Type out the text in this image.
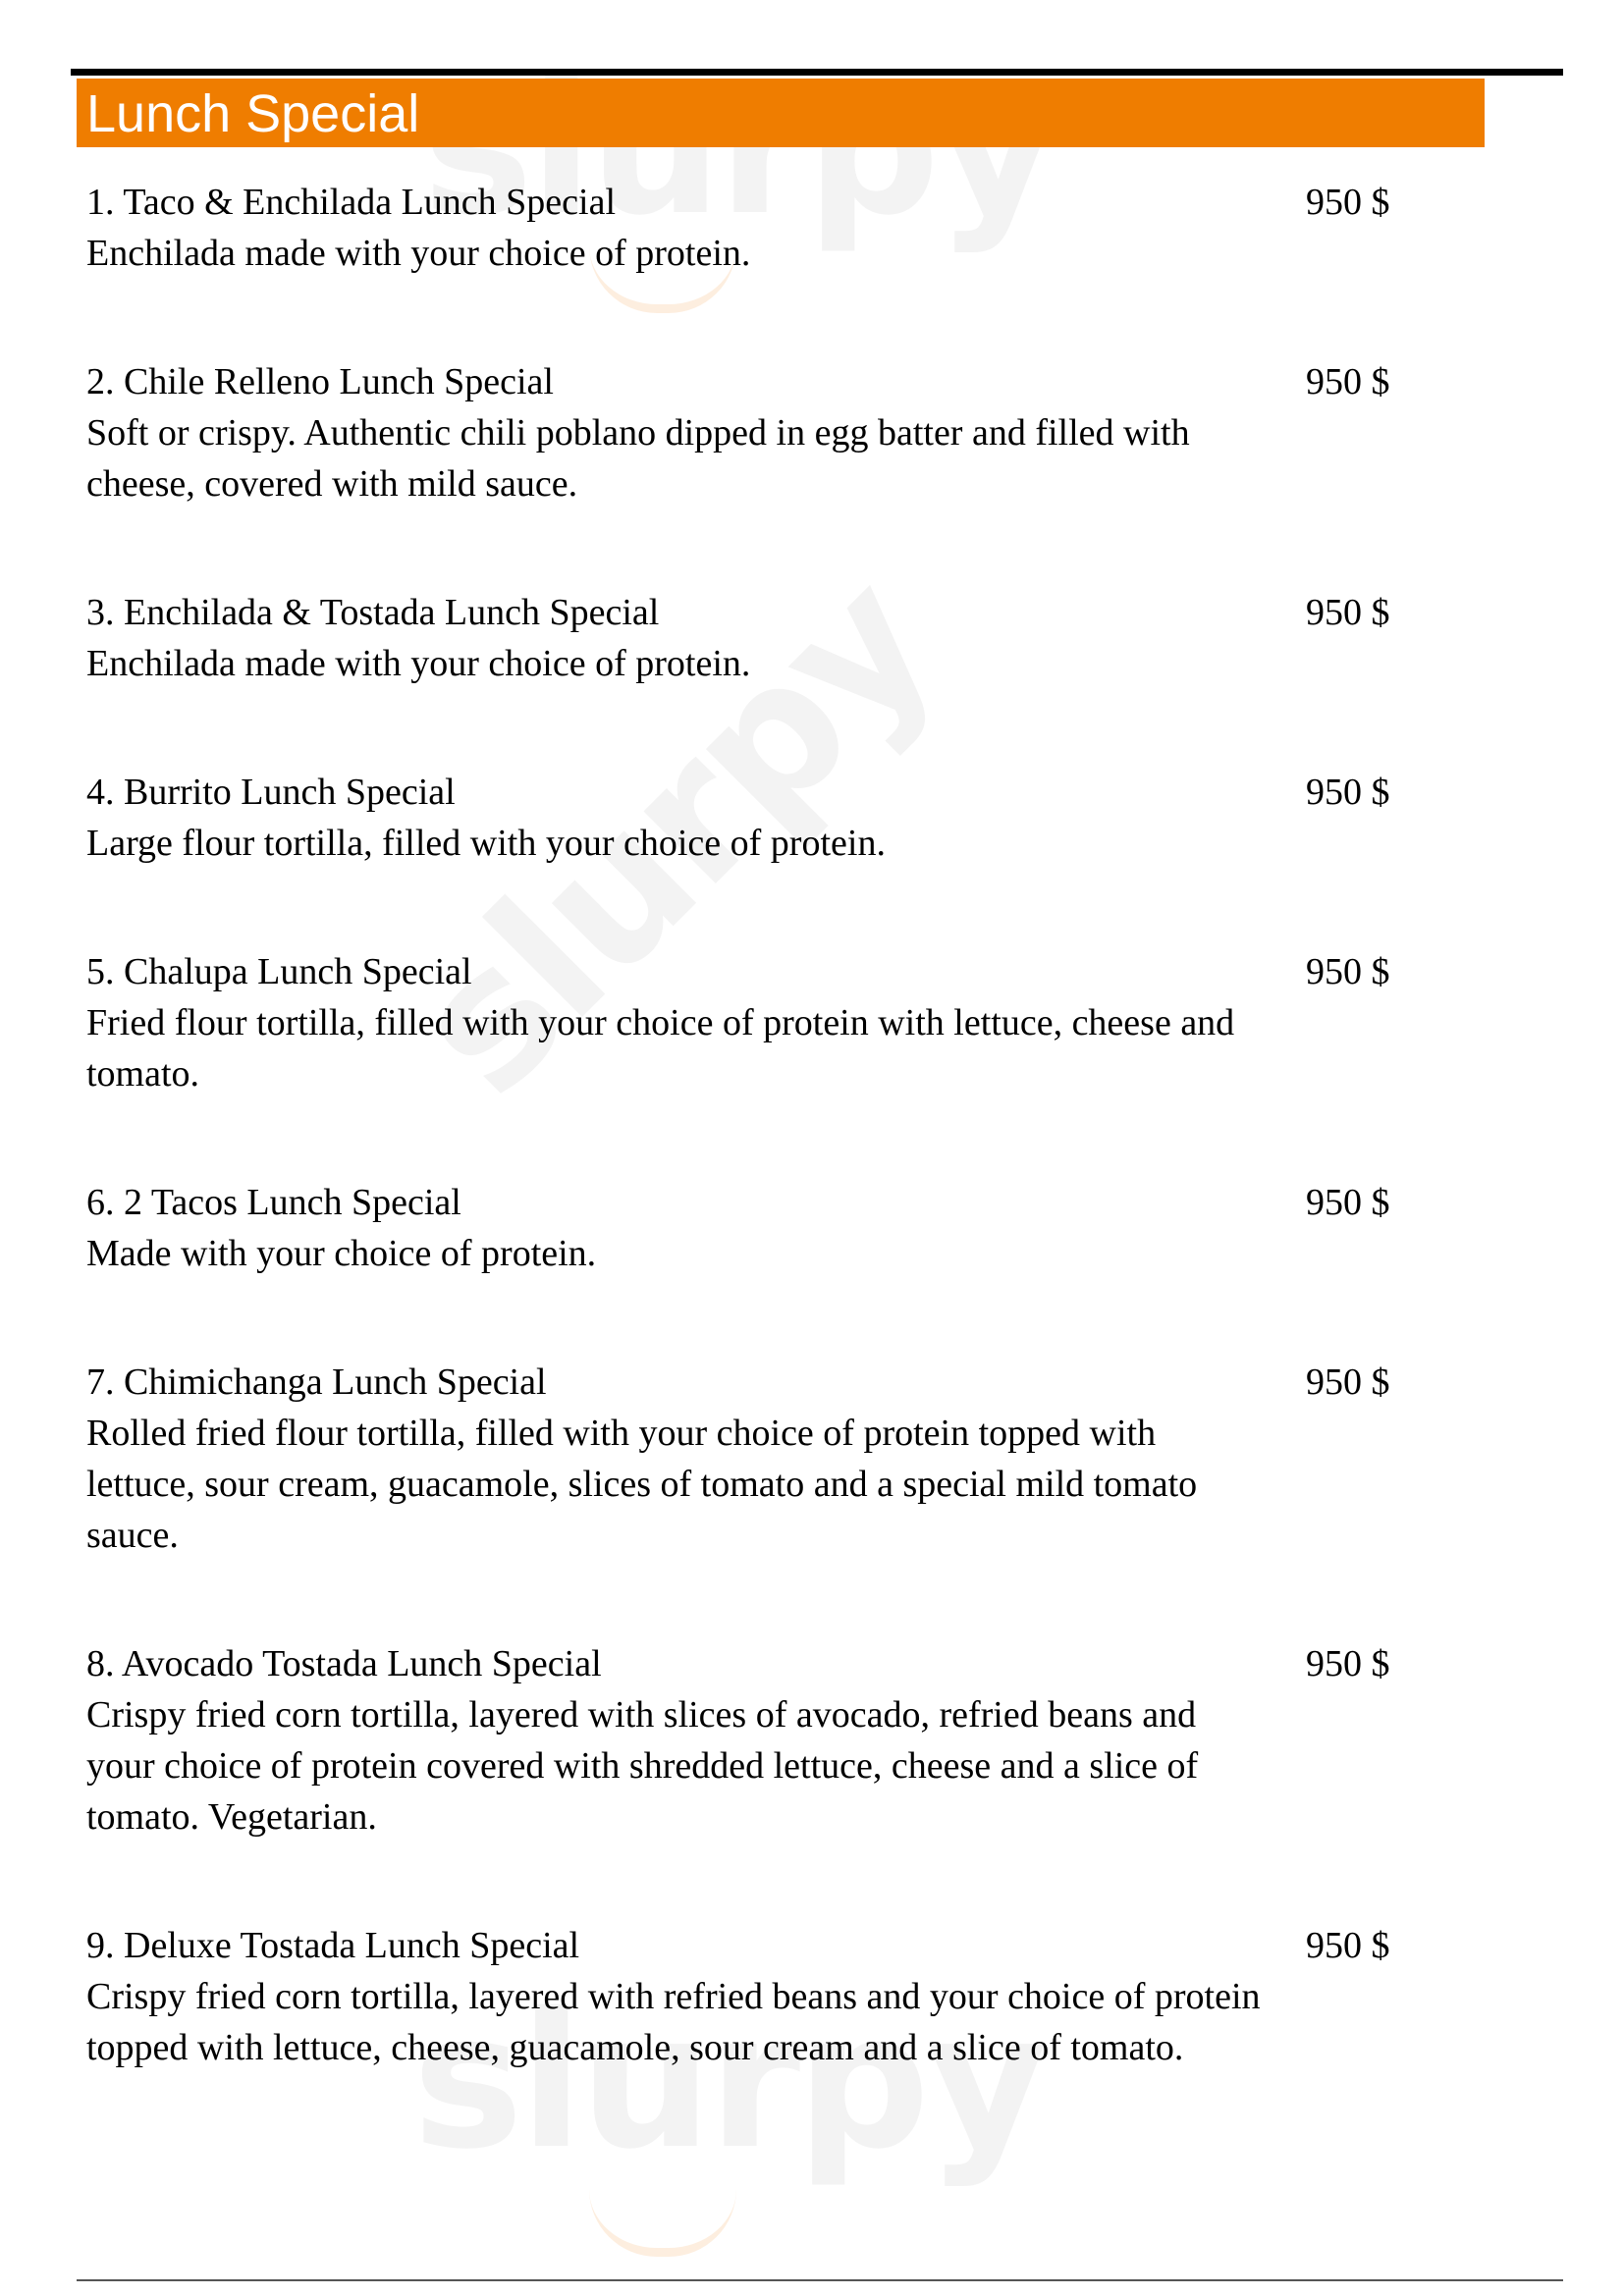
Lunch Special
1. Taco & Enchilada Lunch Special	950 $
Enchilada made with your choice of protein.
2. Chile Relleno Lunch Special	950 $
Soft or crispy. Authentic chili poblano dipped in egg batter and filled with cheese, covered with mild sauce.
3. Enchilada & Tostada Lunch Special	950 $
Enchilada made with your choice of protein.
4. Burrito Lunch Special	950 $
Large flour tortilla, filled with your choice of protein.
5. Chalupa Lunch Special	950 $
Fried flour tortilla, filled with your choice of protein with lettuce, cheese and tomato.
6. 2 Tacos Lunch Special	950 $
Made with your choice of protein.
7. Chimichanga Lunch Special	950 $
Rolled fried flour tortilla, filled with your choice of protein topped with lettuce, sour cream, guacamole, slices of tomato and a special mild tomato sauce.
8. Avocado Tostada Lunch Special	950 $
Crispy fried corn tortilla, layered with slices of avocado, refried beans and your choice of protein covered with shredded lettuce, cheese and a slice of tomato. Vegetarian.
9. Deluxe Tostada Lunch Special	950 $
Crispy fried corn tortilla, layered with refried beans and your choice of protein topped with lettuce, cheese, guacamole, sour cream and a slice of tomato.
